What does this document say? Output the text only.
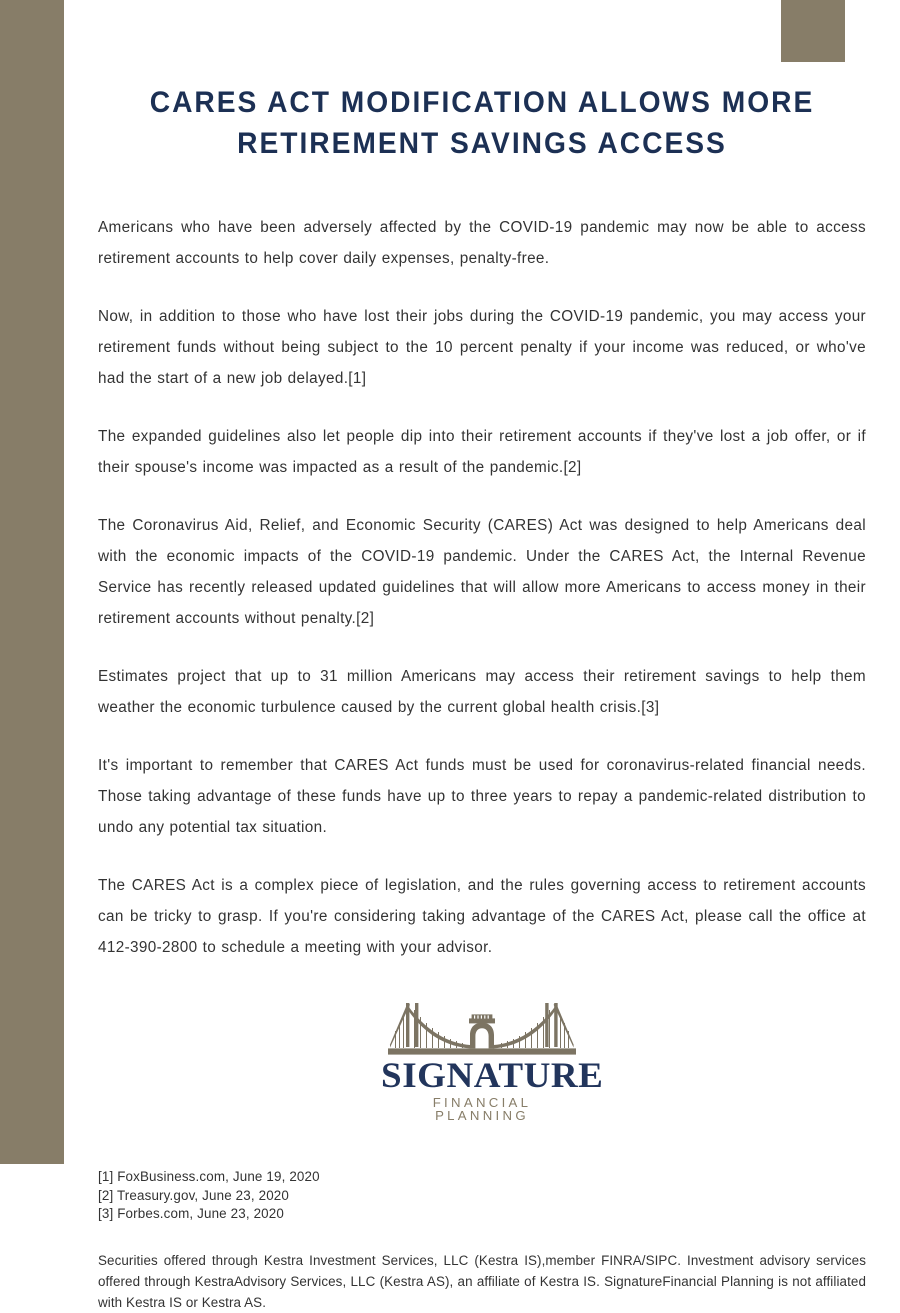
CARES ACT MODIFICATION ALLOWS MORE RETIREMENT SAVINGS ACCESS

Americans who have been adversely affected by the COVID-19 pandemic may now be able to access retirement accounts to help cover daily expenses, penalty-free.

Now, in addition to those who have lost their jobs during the COVID-19 pandemic, you may access your retirement funds without being subject to the 10 percent penalty if your income was reduced, or who've had the start of a new job delayed.[1]

The expanded guidelines also let people dip into their retirement accounts if they've lost a job offer, or if their spouse's income was impacted as a result of the pandemic.[2]

The Coronavirus Aid, Relief, and Economic Security (CARES) Act was designed to help Americans deal with the economic impacts of the COVID-19 pandemic. Under the CARES Act, the Internal Revenue Service has recently released updated guidelines that will allow more Americans to access money in their retirement accounts without penalty.[2]

Estimates project that up to 31 million Americans may access their retirement savings to help them weather the economic turbulence caused by the current global health crisis.[3]

It's important to remember that CARES Act funds must be used for coronavirus-related financial needs. Those taking advantage of these funds have up to three years to repay a pandemic-related distribution to undo any potential tax situation.

The CARES Act is a complex piece of legislation, and the rules governing access to retirement accounts can be tricky to grasp. If you're considering taking advantage of the CARES Act, please call the office at 412-390-2800 to schedule a meeting with your advisor.

SIGNATURE
FINANCIAL PLANNING

[1] FoxBusiness.com, June 19, 2020

[2] Treasury.gov, June 23, 2020

[3] Forbes.com, June 23, 2020

Securities offered through Kestra Investment Services, LLC (Kestra IS),member FINRA/SIPC. Investment advisory services offered through KestraAdvisory Services, LLC (Kestra AS), an affiliate of Kestra IS. SignatureFinancial Planning is not affiliated with Kestra IS or Kestra AS.
